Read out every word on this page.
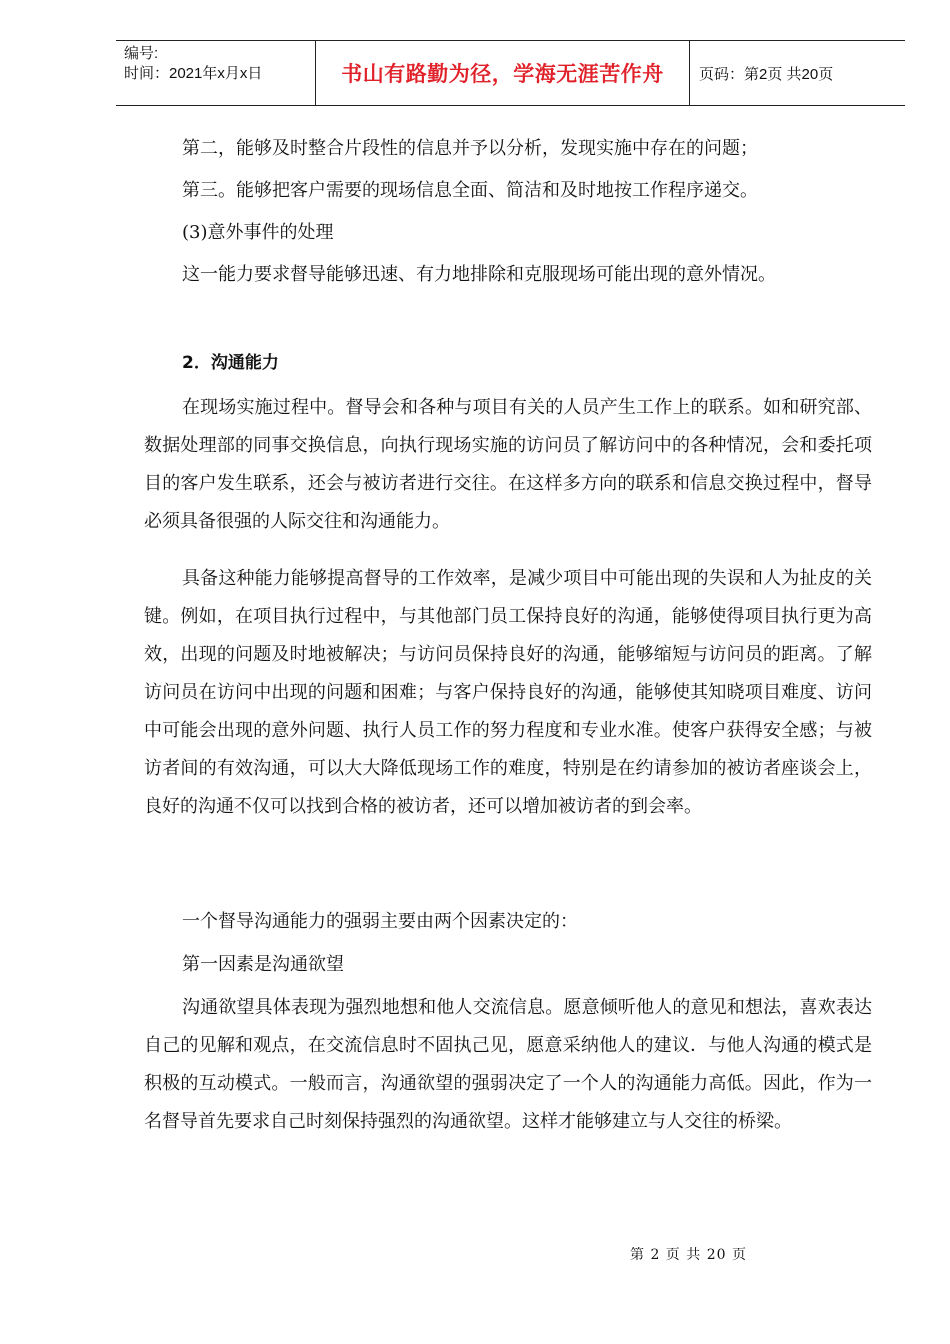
编号:
时间：2021年x月x日	书山有路勤为径，学海无涯苦作舟	页码：第2页 共20页

第二，能够及时整合片段性的信息并予以分析，发现实施中存在的问题；

第三。能够把客户需要的现场信息全面、简洁和及时地按工作程序递交。

(3)意外事件的处理

这一能力要求督导能够迅速、有力地排除和克服现场可能出现的意外情况。

2．沟通能力

在现场实施过程中。督导会和各种与项目有关的人员产生工作上的联系。如和研究部、数据处理部的同事交换信息，向执行现场实施的访问员了解访问中的各种情况，会和委托项目的客户发生联系，还会与被访者进行交往。在这样多方向的联系和信息交换过程中，督导必须具备很强的人际交往和沟通能力。

具备这种能力能够提高督导的工作效率，是减少项目中可能出现的失误和人为扯皮的关键。例如，在项目执行过程中，与其他部门员工保持良好的沟通，能够使得项目执行更为高效，出现的问题及时地被解决；与访问员保持良好的沟通，能够缩短与访问员的距离。了解访问员在访问中出现的问题和困难；与客户保持良好的沟通，能够使其知晓项目难度、访问中可能会出现的意外问题、执行人员工作的努力程度和专业水准。使客户获得安全感；与被访者间的有效沟通，可以大大降低现场工作的难度，特别是在约请参加的被访者座谈会上，良好的沟通不仅可以找到合格的被访者，还可以增加被访者的到会率。

一个督导沟通能力的强弱主要由两个因素决定的：

第一因素是沟通欲望

沟通欲望具体表现为强烈地想和他人交流信息。愿意倾听他人的意见和想法，喜欢表达自己的见解和观点，在交流信息时不固执己见，愿意采纳他人的建议．与他人沟通的模式是积极的互动模式。一般而言，沟通欲望的强弱决定了一个人的沟通能力高低。因此，作为一名督导首先要求自己时刻保持强烈的沟通欲望。这样才能够建立与人交往的桥梁。

第 2 页 共 20 页
